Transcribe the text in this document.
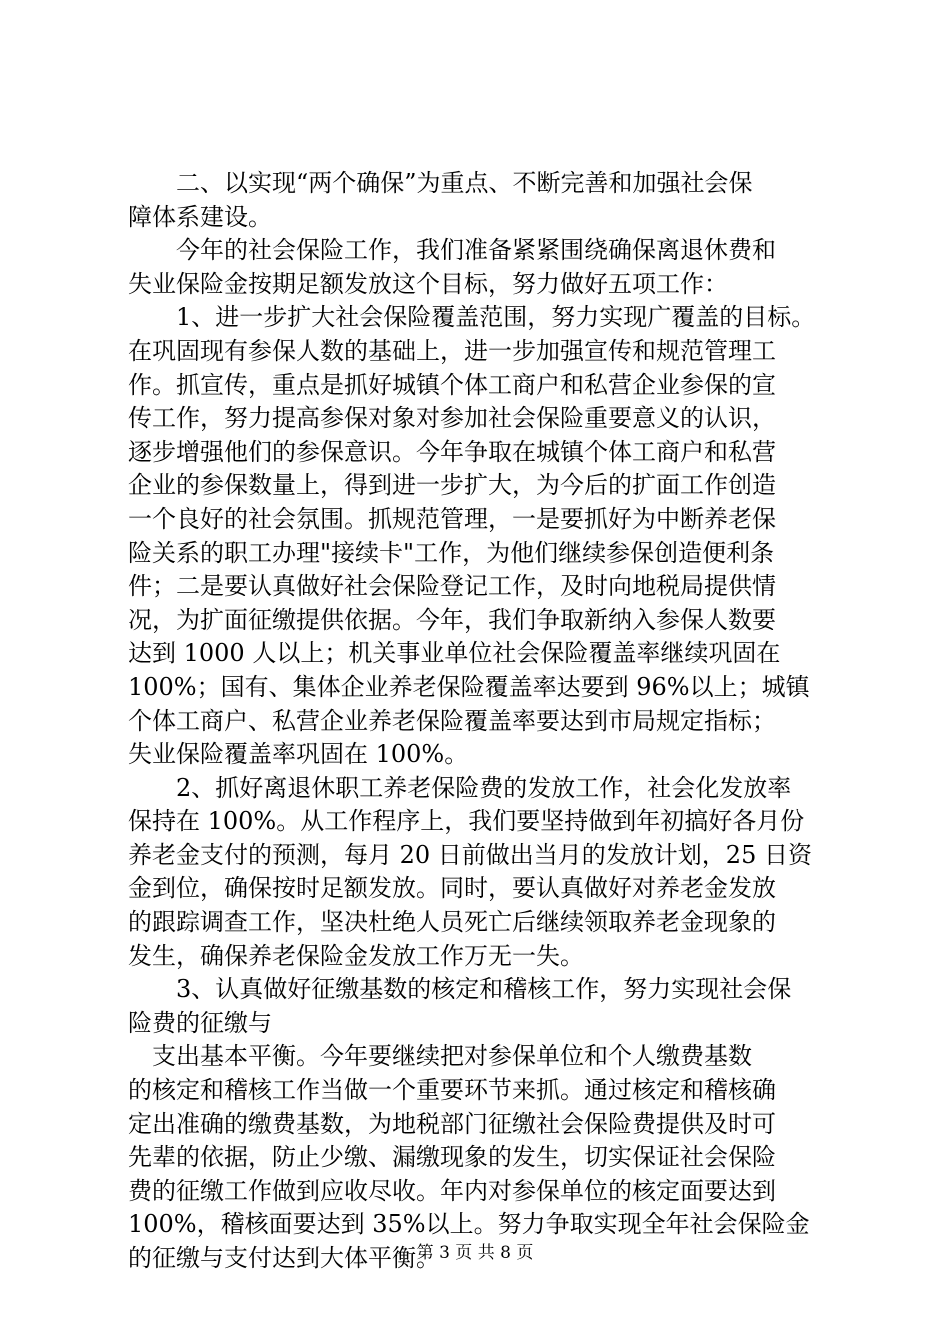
　　二、以实现“两个确保”为重点、不断完善和加强社会保
障体系建设。
　　今年的社会保险工作，我们准备紧紧围绕确保离退休费和
失业保险金按期足额发放这个目标，努力做好五项工作：
　　1、进一步扩大社会保险覆盖范围，努力实现广覆盖的目标。
在巩固现有参保人数的基础上，进一步加强宣传和规范管理工
作。抓宣传，重点是抓好城镇个体工商户和私营企业参保的宣
传工作，努力提高参保对象对参加社会保险重要意义的认识，
逐步增强他们的参保意识。今年争取在城镇个体工商户和私营
企业的参保数量上，得到进一步扩大，为今后的扩面工作创造
一个良好的社会氛围。抓规范管理，一是要抓好为中断养老保
险关系的职工办理"接续卡"工作，为他们继续参保创造便利条
件；二是要认真做好社会保险登记工作，及时向地税局提供情
况，为扩面征缴提供依据。今年，我们争取新纳入参保人数要
达到 1000 人以上；机关事业单位社会保险覆盖率继续巩固在
100%；国有、集体企业养老保险覆盖率达要到 96%以上；城镇
个体工商户、私营企业养老保险覆盖率要达到市局规定指标；
失业保险覆盖率巩固在 100%。
　　2、抓好离退休职工养老保险费的发放工作，社会化发放率
保持在 100%。从工作程序上，我们要坚持做到年初搞好各月份
养老金支付的预测，每月 20 日前做出当月的发放计划，25 日资
金到位，确保按时足额发放。同时，要认真做好对养老金发放
的跟踪调查工作，坚决杜绝人员死亡后继续领取养老金现象的
发生，确保养老保险金发放工作万无一失。
　　3、认真做好征缴基数的核定和稽核工作，努力实现社会保
险费的征缴与
　支出基本平衡。今年要继续把对参保单位和个人缴费基数
的核定和稽核工作当做一个重要环节来抓。通过核定和稽核确
定出准确的缴费基数，为地税部门征缴社会保险费提供及时可
先辈的依据，防止少缴、漏缴现象的发生，切实保证社会保险
费的征缴工作做到应收尽收。年内对参保单位的核定面要达到
100%，稽核面要达到 35%以上。努力争取实现全年社会保险金
的征缴与支付达到大体平衡。
第 3 页 共 8 页
